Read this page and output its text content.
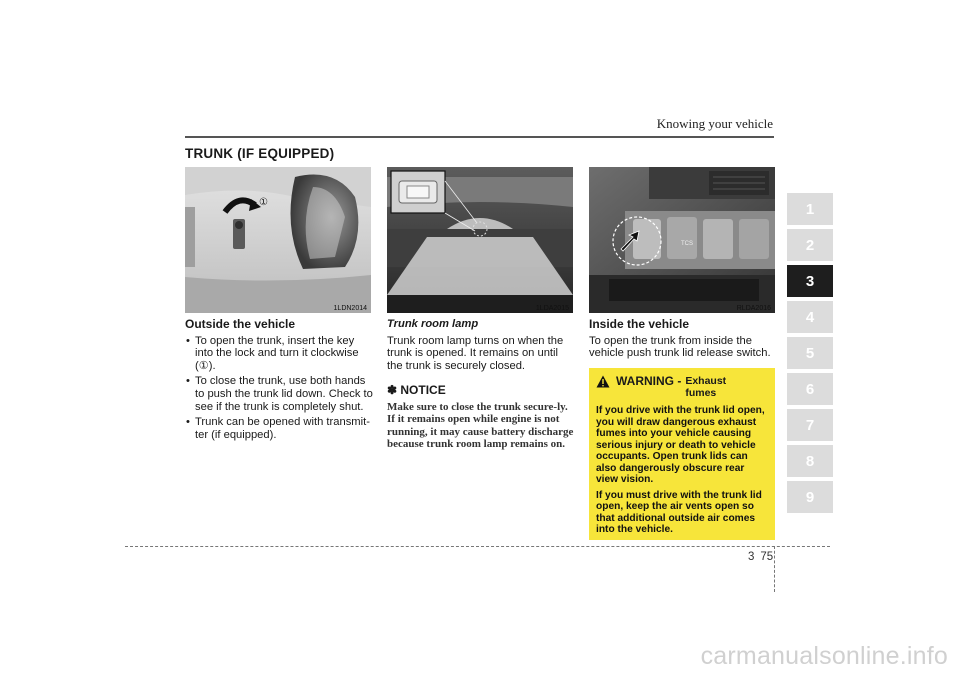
Knowing your vehicle
TRUNK (IF EQUIPPED)
1
2
3
4
5
6
7
8
9
①
1LDN2014	1LDA2015
TCS
RLDA2016
Outside the vehicle
• To open the trunk, insert the key into the lock and turn it clockwise (①).
• To close the trunk, use both hands to push the trunk lid down. Check to see if the trunk is completely shut.
• Trunk can be opened with transmit-ter (if equipped).
Trunk room lamp
Trunk room lamp turns on when the trunk is opened. It remains on until the trunk is securely closed.
✽ NOTICE
Make sure to close the trunk secure-ly. If it remains open while engine is not running, it may cause battery discharge because trunk room lamp remains on.
Inside the vehicle
To open the trunk from inside the vehicle push trunk lid release switch.
WARNING - Exhaust fumes

If you drive with the trunk lid open, you will draw dangerous exhaust fumes into your vehicle causing serious injury or death to vehicle occupants. Open trunk lids can also dangerously obscure rear view vision.

If you must drive with the trunk lid open, keep the air vents open so that additional outside air comes into the vehicle.

3 75
carmanualsonline.info
